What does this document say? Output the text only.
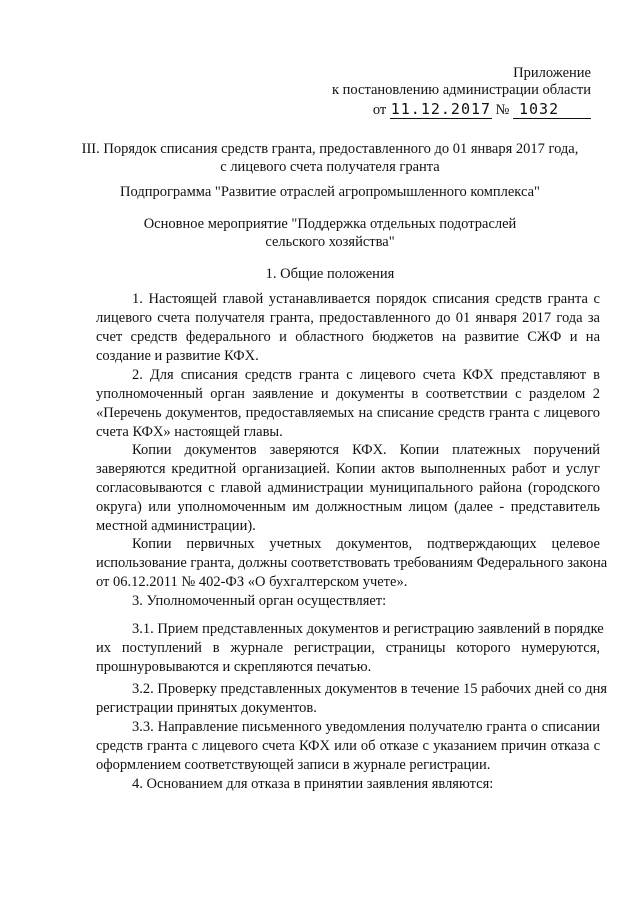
Приложение
к постановлению администрации области
от 11.12.2017 № 1032
III. Порядок списания средств гранта, предоставленного до 01 января 2017 года,
с лицевого счета получателя гранта
Подпрограмма "Развитие отраслей агропромышленного комплекса"
Основное мероприятие "Поддержка отдельных подотраслей
сельского хозяйства"
1. Общие положения
1. Настоящей главой устанавливается порядок списания средств гранта с
лицевого счета получателя гранта, предоставленного до 01 января 2017 года за
счет средств федерального и областного бюджетов на развитие СЖФ и на
создание и развитие КФХ.
2. Для списания средств гранта с лицевого счета КФХ представляют в
уполномоченный орган заявление и документы в соответствии с разделом 2
«Перечень документов, предоставляемых на списание средств гранта с лицевого
счета КФХ» настоящей главы.
Копии документов заверяются КФХ. Копии платежных поручений
заверяются кредитной организацией. Копии актов выполненных работ и услуг
согласовываются с главой администрации муниципального района (городского
округа) или уполномоченным им должностным лицом (далее - представитель
местной администрации).
Копии первичных учетных документов, подтверждающих целевое
использование гранта, должны соответствовать требованиям Федерального закона
от 06.12.2011 № 402-ФЗ «О бухгалтерском учете».
3. Уполномоченный орган осуществляет:
3.1. Прием представленных документов и регистрацию заявлений в порядке
их поступлений в журнале регистрации, страницы которого нумеруются,
прошнуровываются и скрепляются печатью.
3.2. Проверку представленных документов в течение 15 рабочих дней со дня
регистрации принятых документов.
3.3. Направление письменного уведомления получателю гранта о списании
средств гранта с лицевого счета КФХ или об отказе с указанием причин отказа с
оформлением соответствующей записи в журнале регистрации.
4. Основанием для отказа в принятии заявления являются:
